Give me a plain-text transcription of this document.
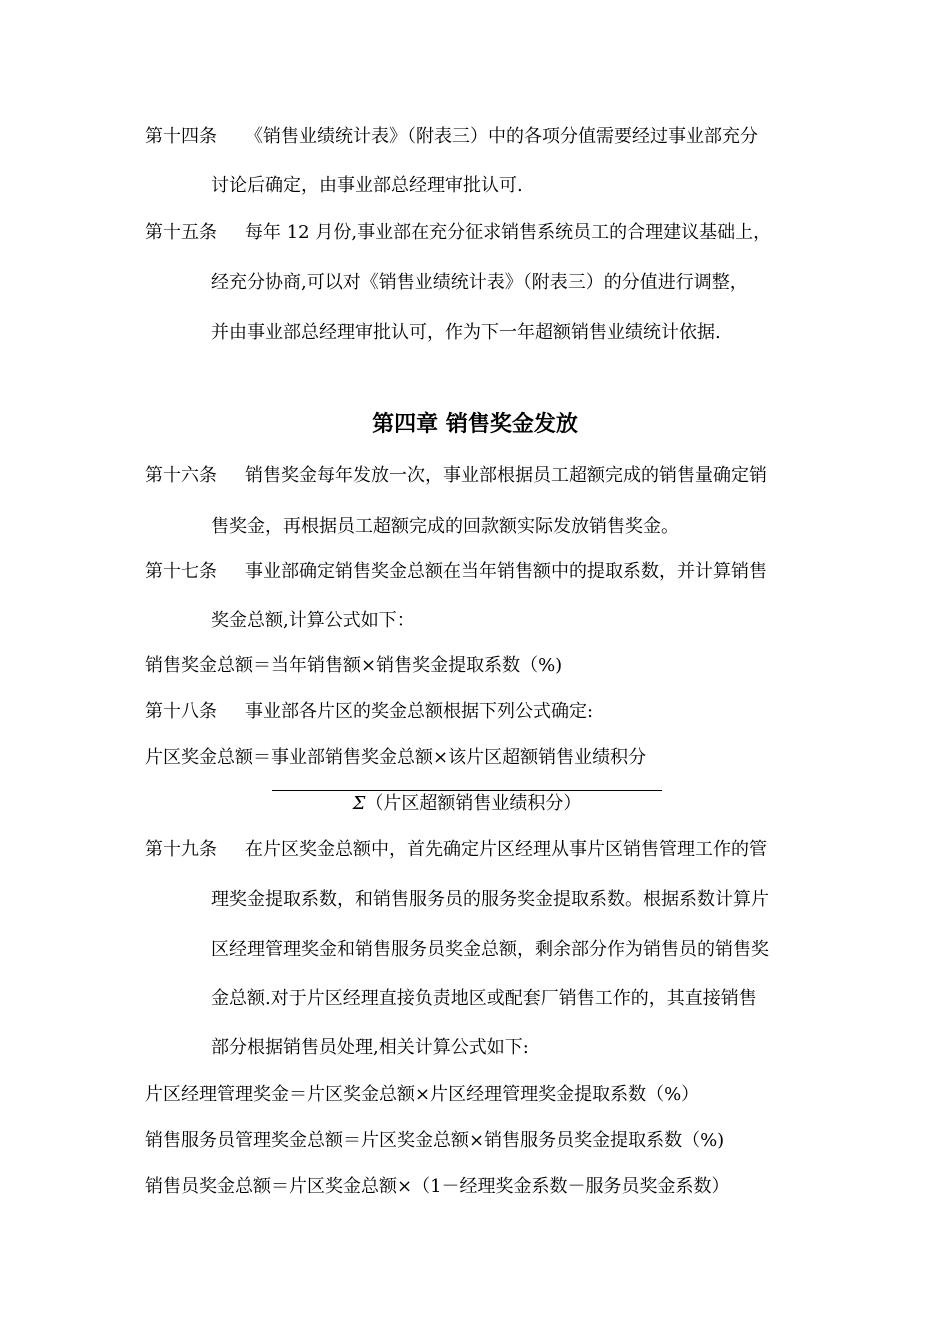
第十四条 《销售业绩统计表》（附表三）中的各项分值需要经过事业部充分
讨论后确定，由事业部总经理审批认可.
第十五条 每年 12 月份,事业部在充分征求销售系统员工的合理建议基础上，
经充分协商,可以对《销售业绩统计表》（附表三）的分值进行调整，
并由事业部总经理审批认可，作为下一年超额销售业绩统计依据.
第四章 销售奖金发放
第十六条 销售奖金每年发放一次，事业部根据员工超额完成的销售量确定销
售奖金，再根据员工超额完成的回款额实际发放销售奖金。
第十七条 事业部确定销售奖金总额在当年销售额中的提取系数，并计算销售
奖金总额,计算公式如下：
销售奖金总额＝当年销售额×销售奖金提取系数（%)
第十八条 事业部各片区的奖金总额根据下列公式确定:
片区奖金总额＝事业部销售奖金总额×该片区超额销售业绩积分
Σ（片区超额销售业绩积分）
第十九条 在片区奖金总额中，首先确定片区经理从事片区销售管理工作的管
理奖金提取系数，和销售服务员的服务奖金提取系数。根据系数计算片
区经理管理奖金和销售服务员奖金总额，剩余部分作为销售员的销售奖
金总额.对于片区经理直接负责地区或配套厂销售工作的，其直接销售
部分根据销售员处理,相关计算公式如下:
片区经理管理奖金＝片区奖金总额×片区经理管理奖金提取系数（%）
销售服务员管理奖金总额＝片区奖金总额×销售服务员奖金提取系数（%)
销售员奖金总额＝片区奖金总额×（1－经理奖金系数－服务员奖金系数）
